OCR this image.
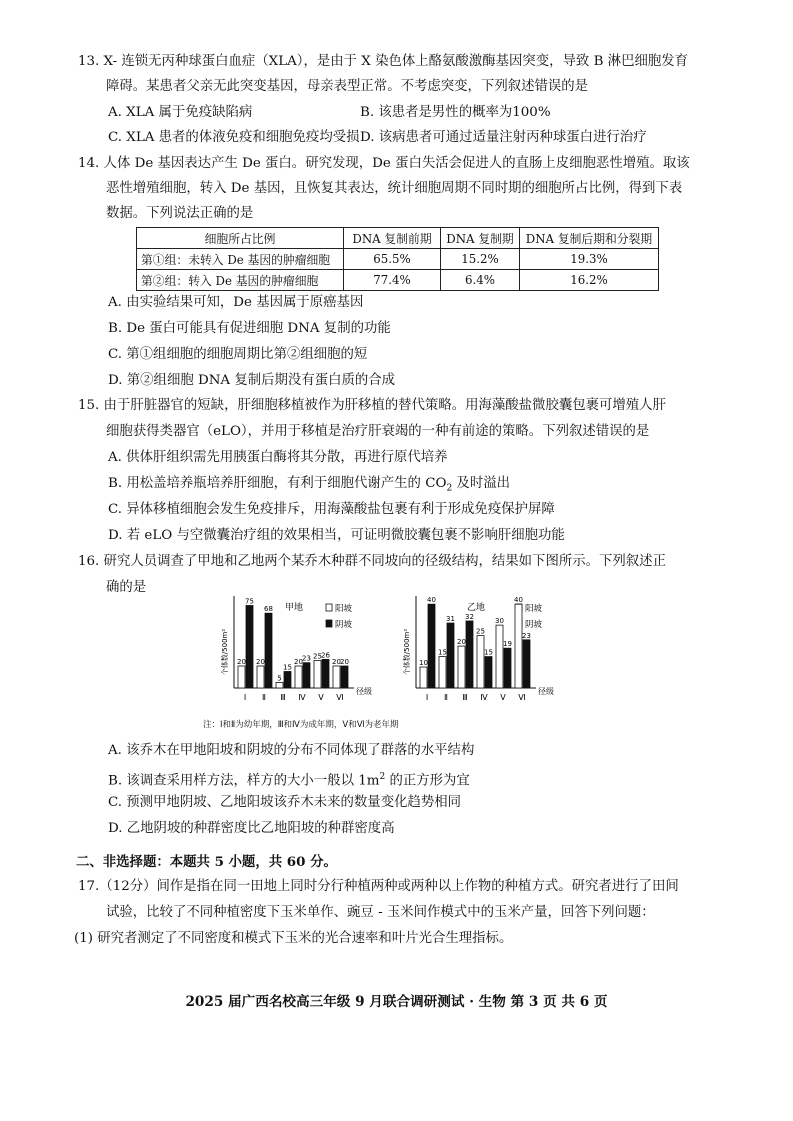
13. X- 连锁无丙种球蛋白血症（XLA），是由于 X 染色体上酪氨酸激酶基因突变，导致 B 淋巴细胞发育
障碍。某患者父亲无此突变基因，母亲表型正常。不考虑突变，下列叙述错误的是
A. XLA 属于免疫缺陷病	B. 该患者是男性的概率为100%
C. XLA 患者的体液免疫和细胞免疫均受损 D. 该病患者可通过适量注射丙种球蛋白进行治疗
14. 人体 De 基因表达产生 De 蛋白。研究发现，De 蛋白失活会促进人的直肠上皮细胞恶性增殖。取该
恶性增殖细胞，转入 De 基因，且恢复其表达，统计细胞周期不同时期的细胞所占比例，得到下表
数据。下列说法正确的是
细胞所占比例	DNA 复制前期	DNA 复制期	DNA 复制后期和分裂期
第①组：未转入 De 基因的肿瘤细胞	65.5%	15.2%	19.3%
第②组：转入 De 基因的肿瘤细胞	77.4%	6.4%	16.2%
A. 由实验结果可知，De 基因属于原癌基因
B. De 蛋白可能具有促进细胞 DNA 复制的功能
C. 第①组细胞的细胞周期比第②组细胞的短
D. 第②组细胞 DNA 复制后期没有蛋白质的合成
15. 由于肝脏器官的短缺，肝细胞移植被作为肝移植的替代策略。用海藻酸盐微胶囊包裹可增殖人肝
细胞获得类器官（eLO），并用于移植是治疗肝衰竭的一种有前途的策略。下列叙述错误的是
A. 供体肝组织需先用胰蛋白酶将其分散，再进行原代培养
B. 用松盖培养瓶培养肝细胞，有利于细胞代谢产生的 $CO_2$ 及时溢出
C. 异体移植细胞会发生免疫排斥，用海藻酸盐包裹有利于形成免疫保护屏障
D. 若 eLO 与空微囊治疗组的效果相当，可证明微胶囊包裹不影响肝细胞功能
16. 研究人员调查了甲地和乙地两个某乔木种群不同坡向的径级结构，结果如下图所示。下列叙述正
确的是
个体数/500m²
甲地	阳坡
阴坡
20
75
Ⅰ
20
68
Ⅱ
5
15
Ⅲ
20 23
Ⅳ
25 26
Ⅴ
20 20
Ⅵ
径级
个体数/500m²
乙地	阳坡
阴坡
10
40
Ⅰ
15
31
Ⅱ
20
32
Ⅲ
25
15
Ⅳ
30
19
Ⅴ
40
23
Ⅵ
径级
注：Ⅰ和Ⅱ为幼年期，Ⅲ和Ⅳ为成年期，Ⅴ和Ⅵ为老年期
A. 该乔木在甲地阳坡和阴坡的分布不同体现了群落的水平结构
B. 该调查采用样方法，样方的大小一般以 $1m^2$ 的正方形为宜
C. 预测甲地阴坡、乙地阳坡该乔木未来的数量变化趋势相同
D. 乙地阴坡的种群密度比乙地阳坡的种群密度高
二、非选择题：本题共 5 小题，共 60 分。
17.（12分）间作是指在同一田地上同时分行种植两种或两种以上作物的种植方式。研究者进行了田间
试验，比较了不同种植密度下玉米单作、豌豆 - 玉米间作模式中的玉米产量，回答下列问题：
(1) 研究者测定了不同密度和模式下玉米的光合速率和叶片光合生理指标。
2025 届广西名校高三年级 9 月联合调研测试 · 生物 第 3 页 共 6 页
